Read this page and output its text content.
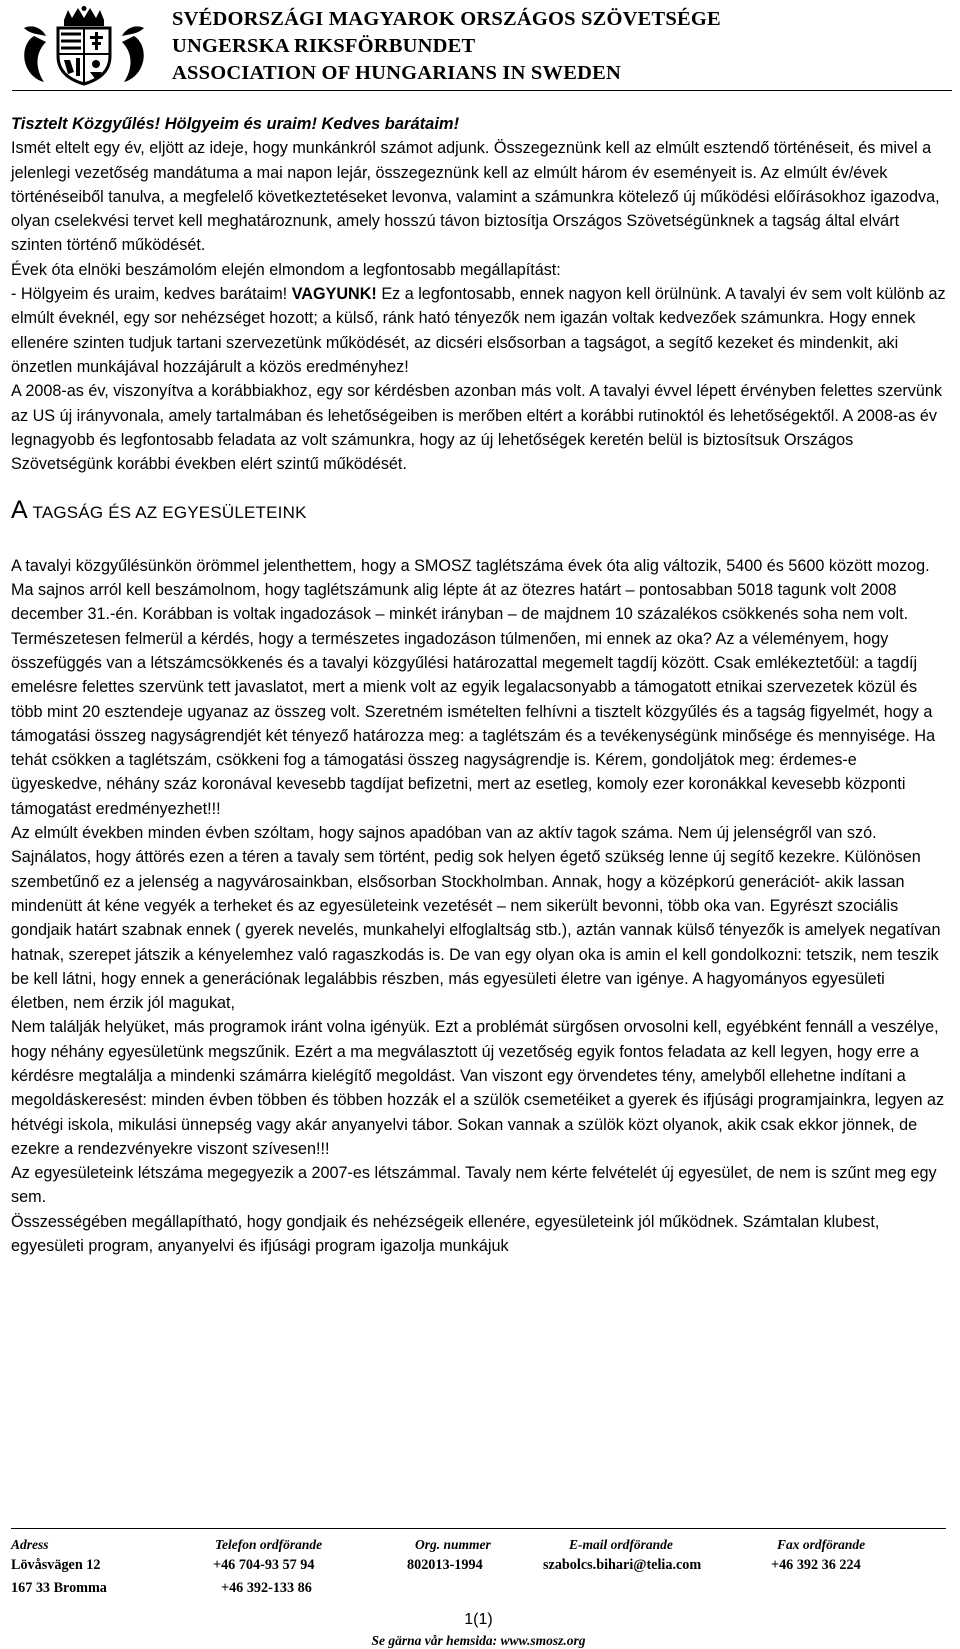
SVÉDORSZÁGI MAGYAROK ORSZÁGOS SZÖVETSÉGE
UNGERSKA RIKSFÖRBUNDET
ASSOCIATION OF HUNGARIANS IN SWEDEN

Tisztelt Közgyűlés! Hölgyeim és uraim! Kedves barátaim!

Ismét eltelt egy év, eljött az ideje, hogy munkánkról számot adjunk. Összegeznünk kell az elmúlt esztendő történéseit, és mivel a jelenlegi vezetőség mandátuma a mai napon lejár, összegeznünk kell az elmúlt három év eseményeit is. Az elmúlt év/évek történéseiből tanulva, a megfelelő következtetéseket levonva, valamint a számunkra kötelező új működési előírásokhoz igazodva, olyan cselekvési tervet kell meghatároznunk, amely hosszú távon biztosítja Országos Szövetségünknek a tagság által elvárt szinten történő működését.

Évek óta elnöki beszámolóm elején elmondom a legfontosabb megállapítást:

- Hölgyeim és uraim, kedves barátaim! VAGYUNK! Ez a legfontosabb, ennek nagyon kell örülnünk. A tavalyi év sem volt különb az elmúlt éveknél, egy sor nehézséget hozott; a külső, ránk ható tényezők nem igazán voltak kedvezőek számunkra. Hogy ennek ellenére szinten tudjuk tartani szervezetünk működését, az dicséri elsősorban a tagságot, a segítő kezeket és mindenkit, aki önzetlen munkájával hozzájárult a közös eredményhez!

A 2008-as év, viszonyítva a korábbiakhoz, egy sor kérdésben azonban más volt. A tavalyi évvel lépett érvényben felettes szervünk az US új irányvonala, amely tartalmában és lehetőségeiben is merőben eltért a korábbi rutinoktól és lehetőségektől. A 2008-as év legnagyobb és legfontosabb feladata az volt számunkra, hogy az új lehetőségek keretén belül is biztosítsuk Országos Szövetségünk korábbi években elért szintű működését.

A TAGSÁG ÉS AZ EGYESÜLETEINK

A tavalyi közgyűlésünkön örömmel jelenthettem, hogy a SMOSZ taglétszáma évek óta alig változik, 5400 és 5600 között mozog. Ma sajnos arról kell beszámolnom, hogy taglétszámunk alig lépte át az ötezres határt – pontosabban 5018 tagunk volt 2008 december 31.-én. Korábban is voltak ingadozások – minkét irányban – de majdnem 10 százalékos csökkenés soha nem volt.

Természetesen felmerül a kérdés, hogy a természetes ingadozáson túlmenően, mi ennek az oka? Az a véleményem, hogy összefüggés van a létszámcsökkenés és a tavalyi közgyűlési határozattal megemelt tagdíj között. Csak emlékeztetőül: a tagdíj emelésre felettes szervünk tett javaslatot, mert a mienk volt az egyik legalacsonyabb a támogatott etnikai szervezetek közül és több mint 20 esztendeje ugyanaz az összeg volt. Szeretném ismételten felhívni a tisztelt közgyűlés és a tagság figyelmét, hogy a támogatási összeg nagyságrendjét két tényező határozza meg: a taglétszám és a tevékenységünk minősége és mennyisége. Ha tehát csökken a taglétszám, csökkeni fog a támogatási összeg nagyságrendje is. Kérem, gondoljátok meg: érdemes-e ügyeskedve, néhány száz koronával kevesebb tagdíjat befizetni, mert az esetleg, komoly ezer koronákkal kevesebb központi támogatást eredményezhet!!!

Az elmúlt években minden évben szóltam, hogy sajnos apadóban van az aktív tagok száma. Nem új jelenségről van szó. Sajnálatos, hogy áttörés ezen a téren a tavaly sem történt, pedig sok helyen égető szükség lenne új segítő kezekre. Különösen szembetűnő ez a jelenség a nagyvárosainkban, elsősorban Stockholmban. Annak, hogy a középkorú generációt- akik lassan mindenütt át kéne vegyék a terheket és az egyesületeink vezetését – nem sikerült bevonni, több oka van. Egyrészt szociális gondjaik határt szabnak ennek ( gyerek nevelés, munkahelyi elfoglaltság stb.), aztán vannak külső tényezők is amelyek negatívan hatnak, szerepet játszik a kényelemhez való ragaszkodás is. De van egy olyan oka is amin el kell gondolkozni: tetszik, nem teszik be kell látni, hogy ennek a generációnak legalábbis részben, más egyesületi életre van igénye. A hagyományos egyesületi életben, nem érzik jól magukat,

Nem találják helyüket, más programok iránt volna igényük. Ezt a problémát sürgősen orvosolni kell, egyébként fennáll a veszélye, hogy néhány egyesületünk megszűnik. Ezért a ma megválasztott új vezetőség egyik fontos feladata az kell legyen, hogy erre a kérdésre megtalálja a mindenki számárra kielégítő megoldást. Van viszont egy örvendetes tény, amelyből ellehetne indítani a megoldáskeresést: minden évben többen és többen hozzák el a szülök csemetéiket a gyerek és ifjúsági programjainkra, legyen az hétvégi iskola, mikulási ünnepség vagy akár anyanyelvi tábor. Sokan vannak a szülök közt olyanok, akik csak ekkor jönnek, de ezekre a rendezvényekre viszont szívesen!!!

Az egyesületeink létszáma megegyezik a 2007-es létszámmal. Tavaly nem kérte felvételét új egyesület, de nem is szűnt meg egy sem.

Összességében megállapítható, hogy gondjaik és nehézségeik ellenére, egyesületeink jól működnek. Számtalan klubest, egyesületi program, anyanyelvi és ifjúsági program igazolja munkájuk

Adress
Lövåsvägen 12
167 33 Bromma
Telefon ordförande
+46 704-93 57 94
+46 392-133 86
Org. nummer
802013-1994
E-mail ordförande
szabolcs.bihari@telia.com
Fax ordförande
+46 392 36 224
1(1)
Se gärna vår hemsida: www.smosz.org
